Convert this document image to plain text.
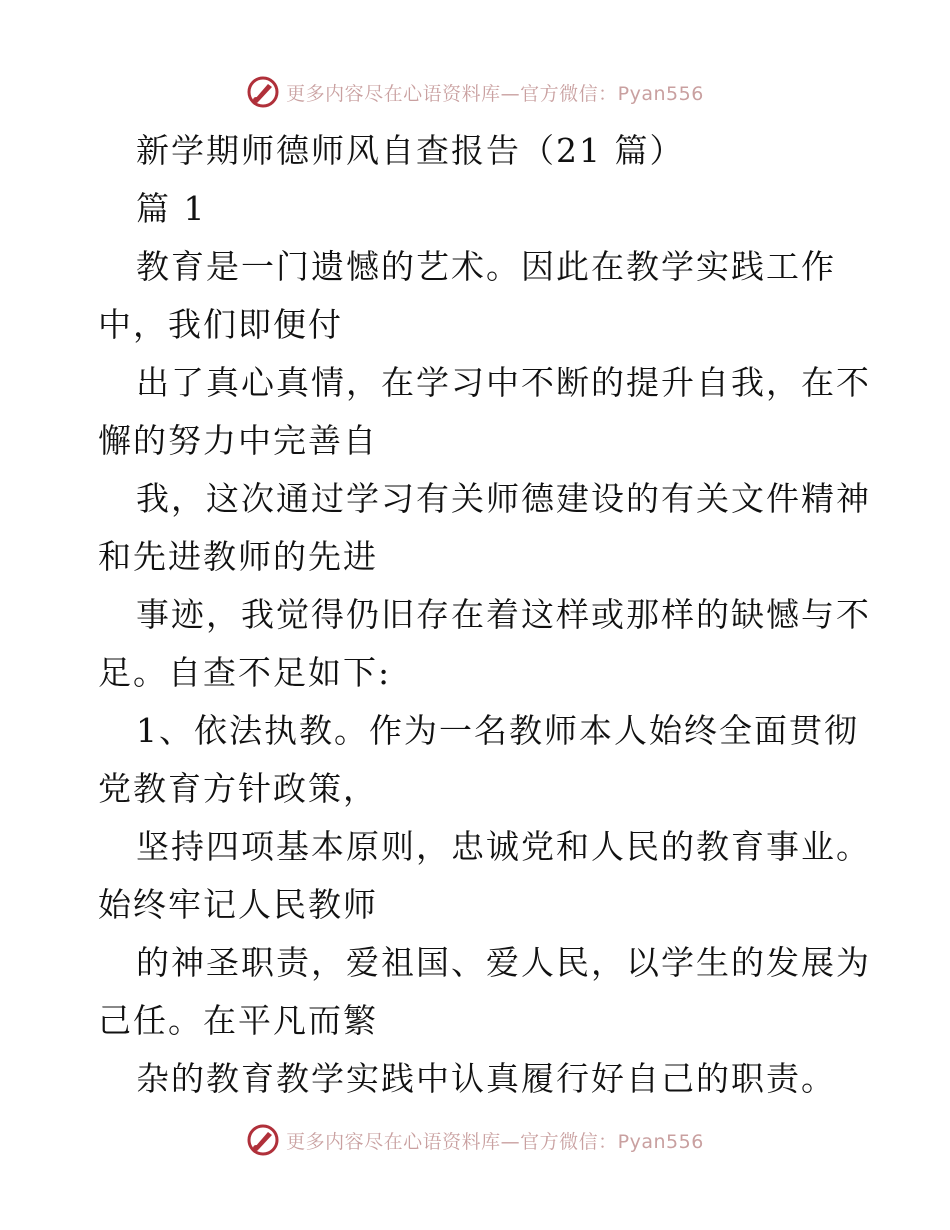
更多内容尽在心语资料库—官方微信：Pyan556
新学期师德师风自查报告（21 篇）
篇 1
教育是一门遗憾的艺术。因此在教学实践工作
中，我们即便付
出了真心真情，在学习中不断的提升自我，在不
懈的努力中完善自
我，这次通过学习有关师德建设的有关文件精神
和先进教师的先进
事迹，我觉得仍旧存在着这样或那样的缺憾与不
足。自查不足如下:
1、依法执教。作为一名教师本人始终全面贯彻
党教育方针政策，
坚持四项基本原则，忠诚党和人民的教育事业。
始终牢记人民教师
的神圣职责，爱祖国、爱人民，以学生的发展为
己任。在平凡而繁
杂的教育教学实践中认真履行好自己的职责。
更多内容尽在心语资料库—官方微信：Pyan556
